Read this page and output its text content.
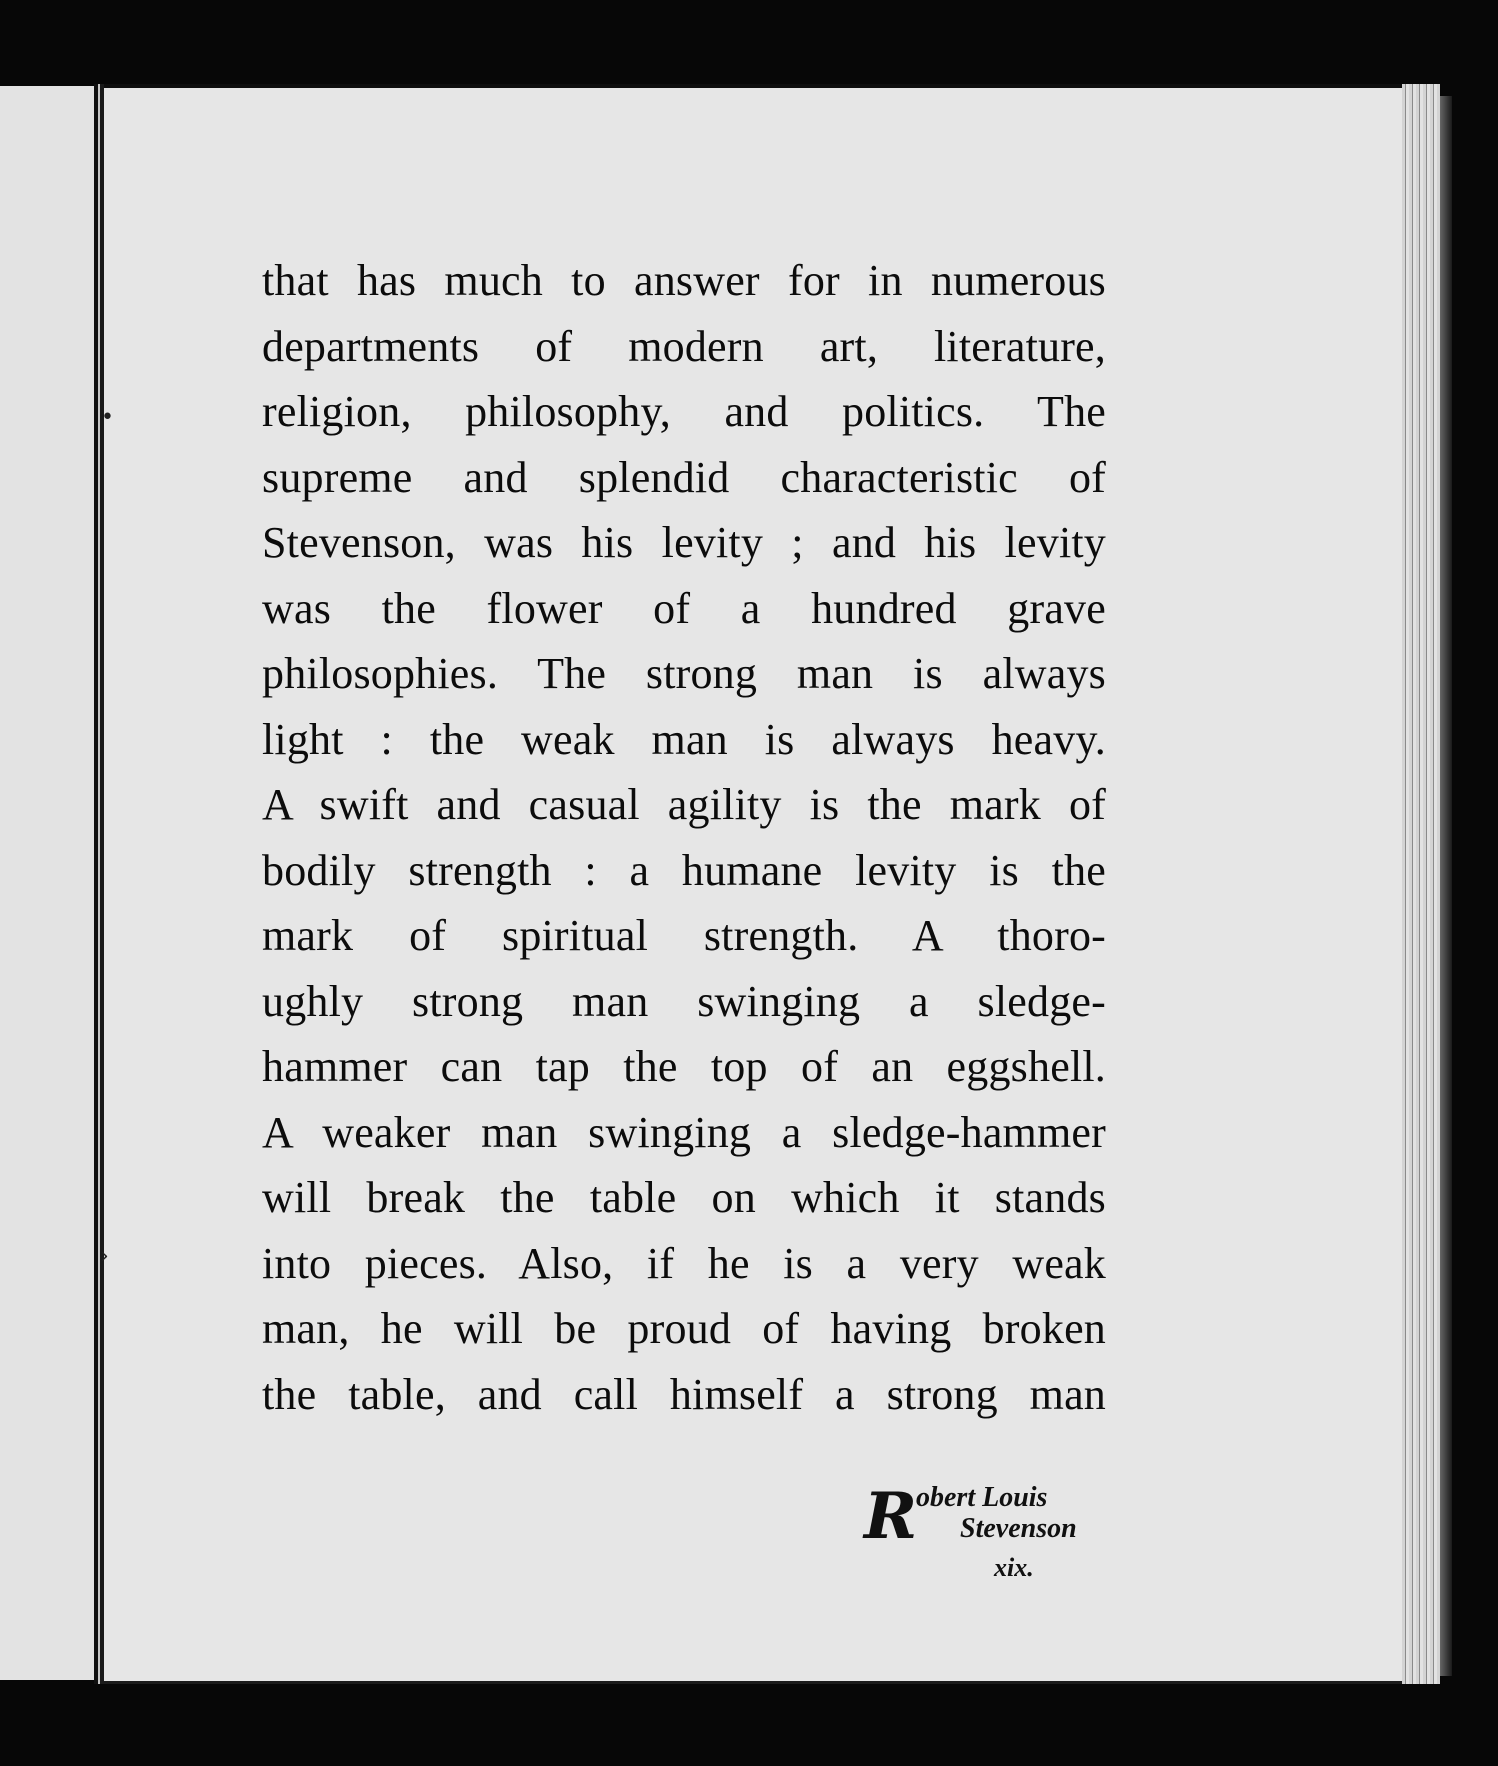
•
›
that has much to answer for in numerous
departments of modern art, literature,
religion, philosophy, and politics. The
supreme and splendid characteristic of
Stevenson, was his levity ; and his levity
was the flower of a hundred grave
philosophies. The strong man is always
light : the weak man is always heavy.
A swift and casual agility is the mark of
bodily strength : a humane levity is the
mark of spiritual strength. A thoro-
ughly strong man swinging a sledge-
hammer can tap the top of an eggshell.
A weaker man swinging a sledge-hammer
will break the table on which it stands
into pieces. Also, if he is a very weak
man, he will be proud of having broken
the table, and call himself a strong man
R
obert Louis
Stevenson
xix.
